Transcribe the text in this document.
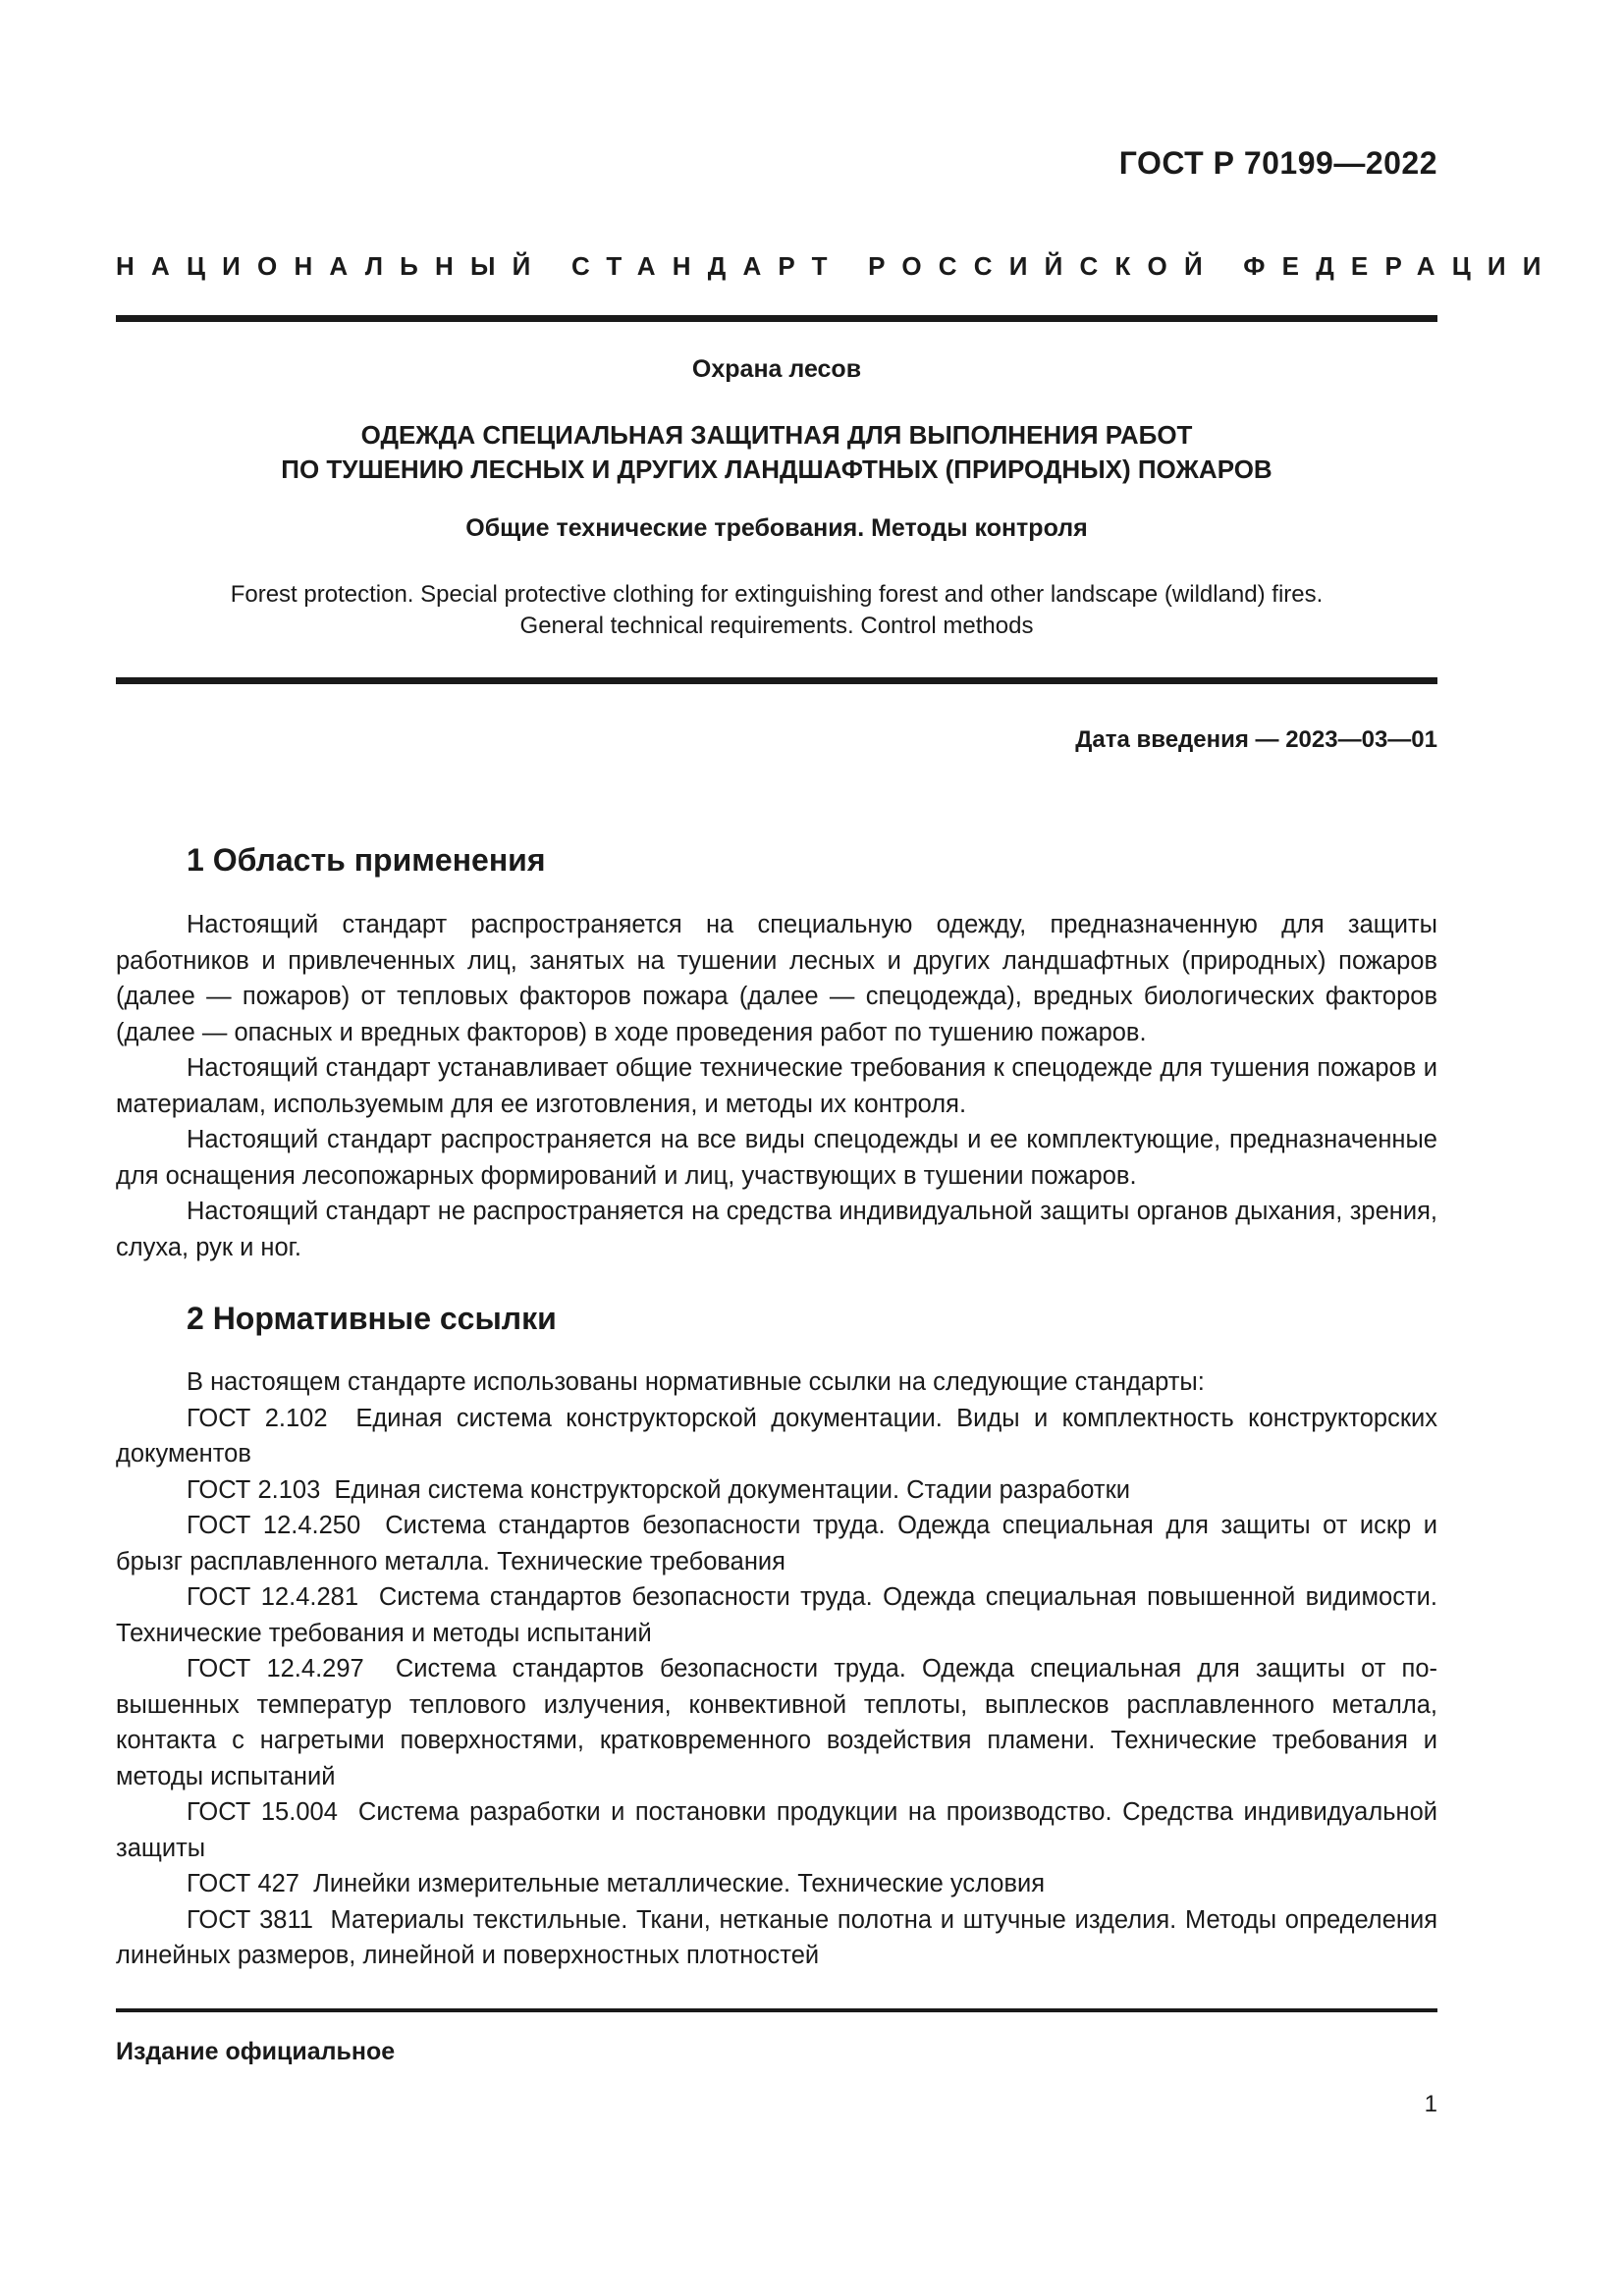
ГОСТ Р 70199—2022
НАЦИОНАЛЬНЫЙ СТАНДАРТ РОССИЙСКОЙ ФЕДЕРАЦИИ
Охрана лесов
ОДЕЖДА СПЕЦИАЛЬНАЯ ЗАЩИТНАЯ ДЛЯ ВЫПОЛНЕНИЯ РАБОТ
ПО ТУШЕНИЮ ЛЕСНЫХ И ДРУГИХ ЛАНДШАФТНЫХ (ПРИРОДНЫХ) ПОЖАРОВ
Общие технические требования. Методы контроля
Forest protection. Special protective clothing for extinguishing forest and other landscape (wildland) fires.
General technical requirements. Control methods
Дата введения — 2023—03—01
1 Область применения

Настоящий стандарт распространяется на специальную одежду, предназначенную для защиты работников и привлеченных лиц, занятых на тушении лесных и других ландшафтных (природных) пожаров (далее — пожаров) от тепловых факторов пожара (далее — спецодежда), вредных биологических факторов (далее — опасных и вредных факторов) в ходе проведения работ по тушению пожаров.

Настоящий стандарт устанавливает общие технические требования к спецодежде для тушения пожаров и материалам, используемым для ее изготовления, и методы их контроля.

Настоящий стандарт распространяется на все виды спецодежды и ее комплектующие, предназначенные для оснащения лесопожарных формирований и лиц, участвующих в тушении пожаров.

Настоящий стандарт не распространяется на средства индивидуальной защиты органов дыхания, зрения, слуха, рук и ног.

2 Нормативные ссылки

В настоящем стандарте использованы нормативные ссылки на следующие стандарты:

ГОСТ 2.102 Единая система конструкторской документации. Виды и комплектность конструкторских документов

ГОСТ 2.103 Единая система конструкторской документации. Стадии разработки

ГОСТ 12.4.250 Система стандартов безопасности труда. Одежда специальная для защиты от искр и брызг расплавленного металла. Технические требования

ГОСТ 12.4.281 Система стандартов безопасности труда. Одежда специальная повышенной видимости. Технические требования и методы испытаний

ГОСТ 12.4.297 Система стандартов безопасности труда. Одежда специальная для защиты от повышенных температур теплового излучения, конвективной теплоты, выплесков расплавленного металла, контакта с нагретыми поверхностями, кратковременного воздействия пламени. Технические требования и методы испытаний

ГОСТ 15.004 Система разработки и постановки продукции на производство. Средства индивидуальной защиты

ГОСТ 427 Линейки измерительные металлические. Технические условия

ГОСТ 3811 Материалы текстильные. Ткани, нетканые полотна и штучные изделия. Методы определения линейных размеров, линейной и поверхностных плотностей

Издание официальное
1
